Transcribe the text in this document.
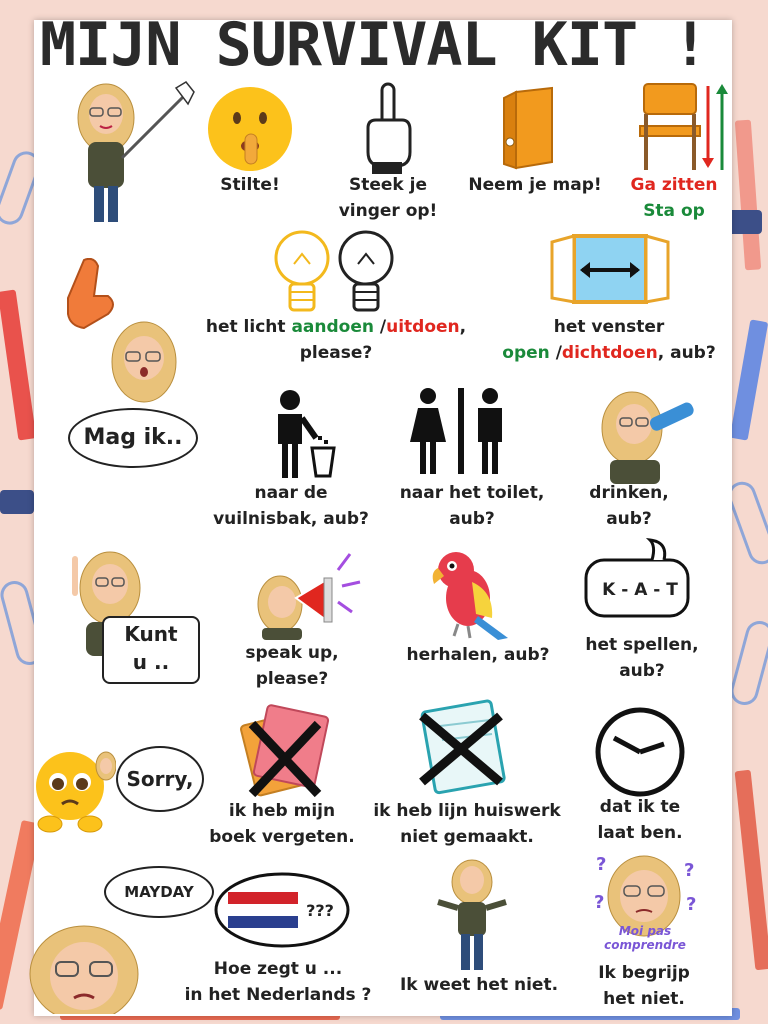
MIJN SURVIVAL KIT !
Stilte!	Steek je
vinger op!
Neem je map!	Ga zitten
Sta op
het licht aandoen /uitdoen,
please?
het venster
open /dichtdoen, aub?
Mag ik..
naar de
vuilnisbak, aub?
naar het toilet,
aub?
drinken,
aub?
Kunt
u ..	speak up,
please?
herhalen, aub?
K - A - T
het spellen,
aub?
Sorry,
ik heb mijn
boek vergeten.
ik heb lijn huiswerk
niet gemaakt.
dat ik te
laat ben.
MAYDAY
???
Hoe zegt u ...
in het Nederlands ?	Ik weet het niet.
?	?
?	?
Moi pas
comprendre
Ik begrijp
het niet.
